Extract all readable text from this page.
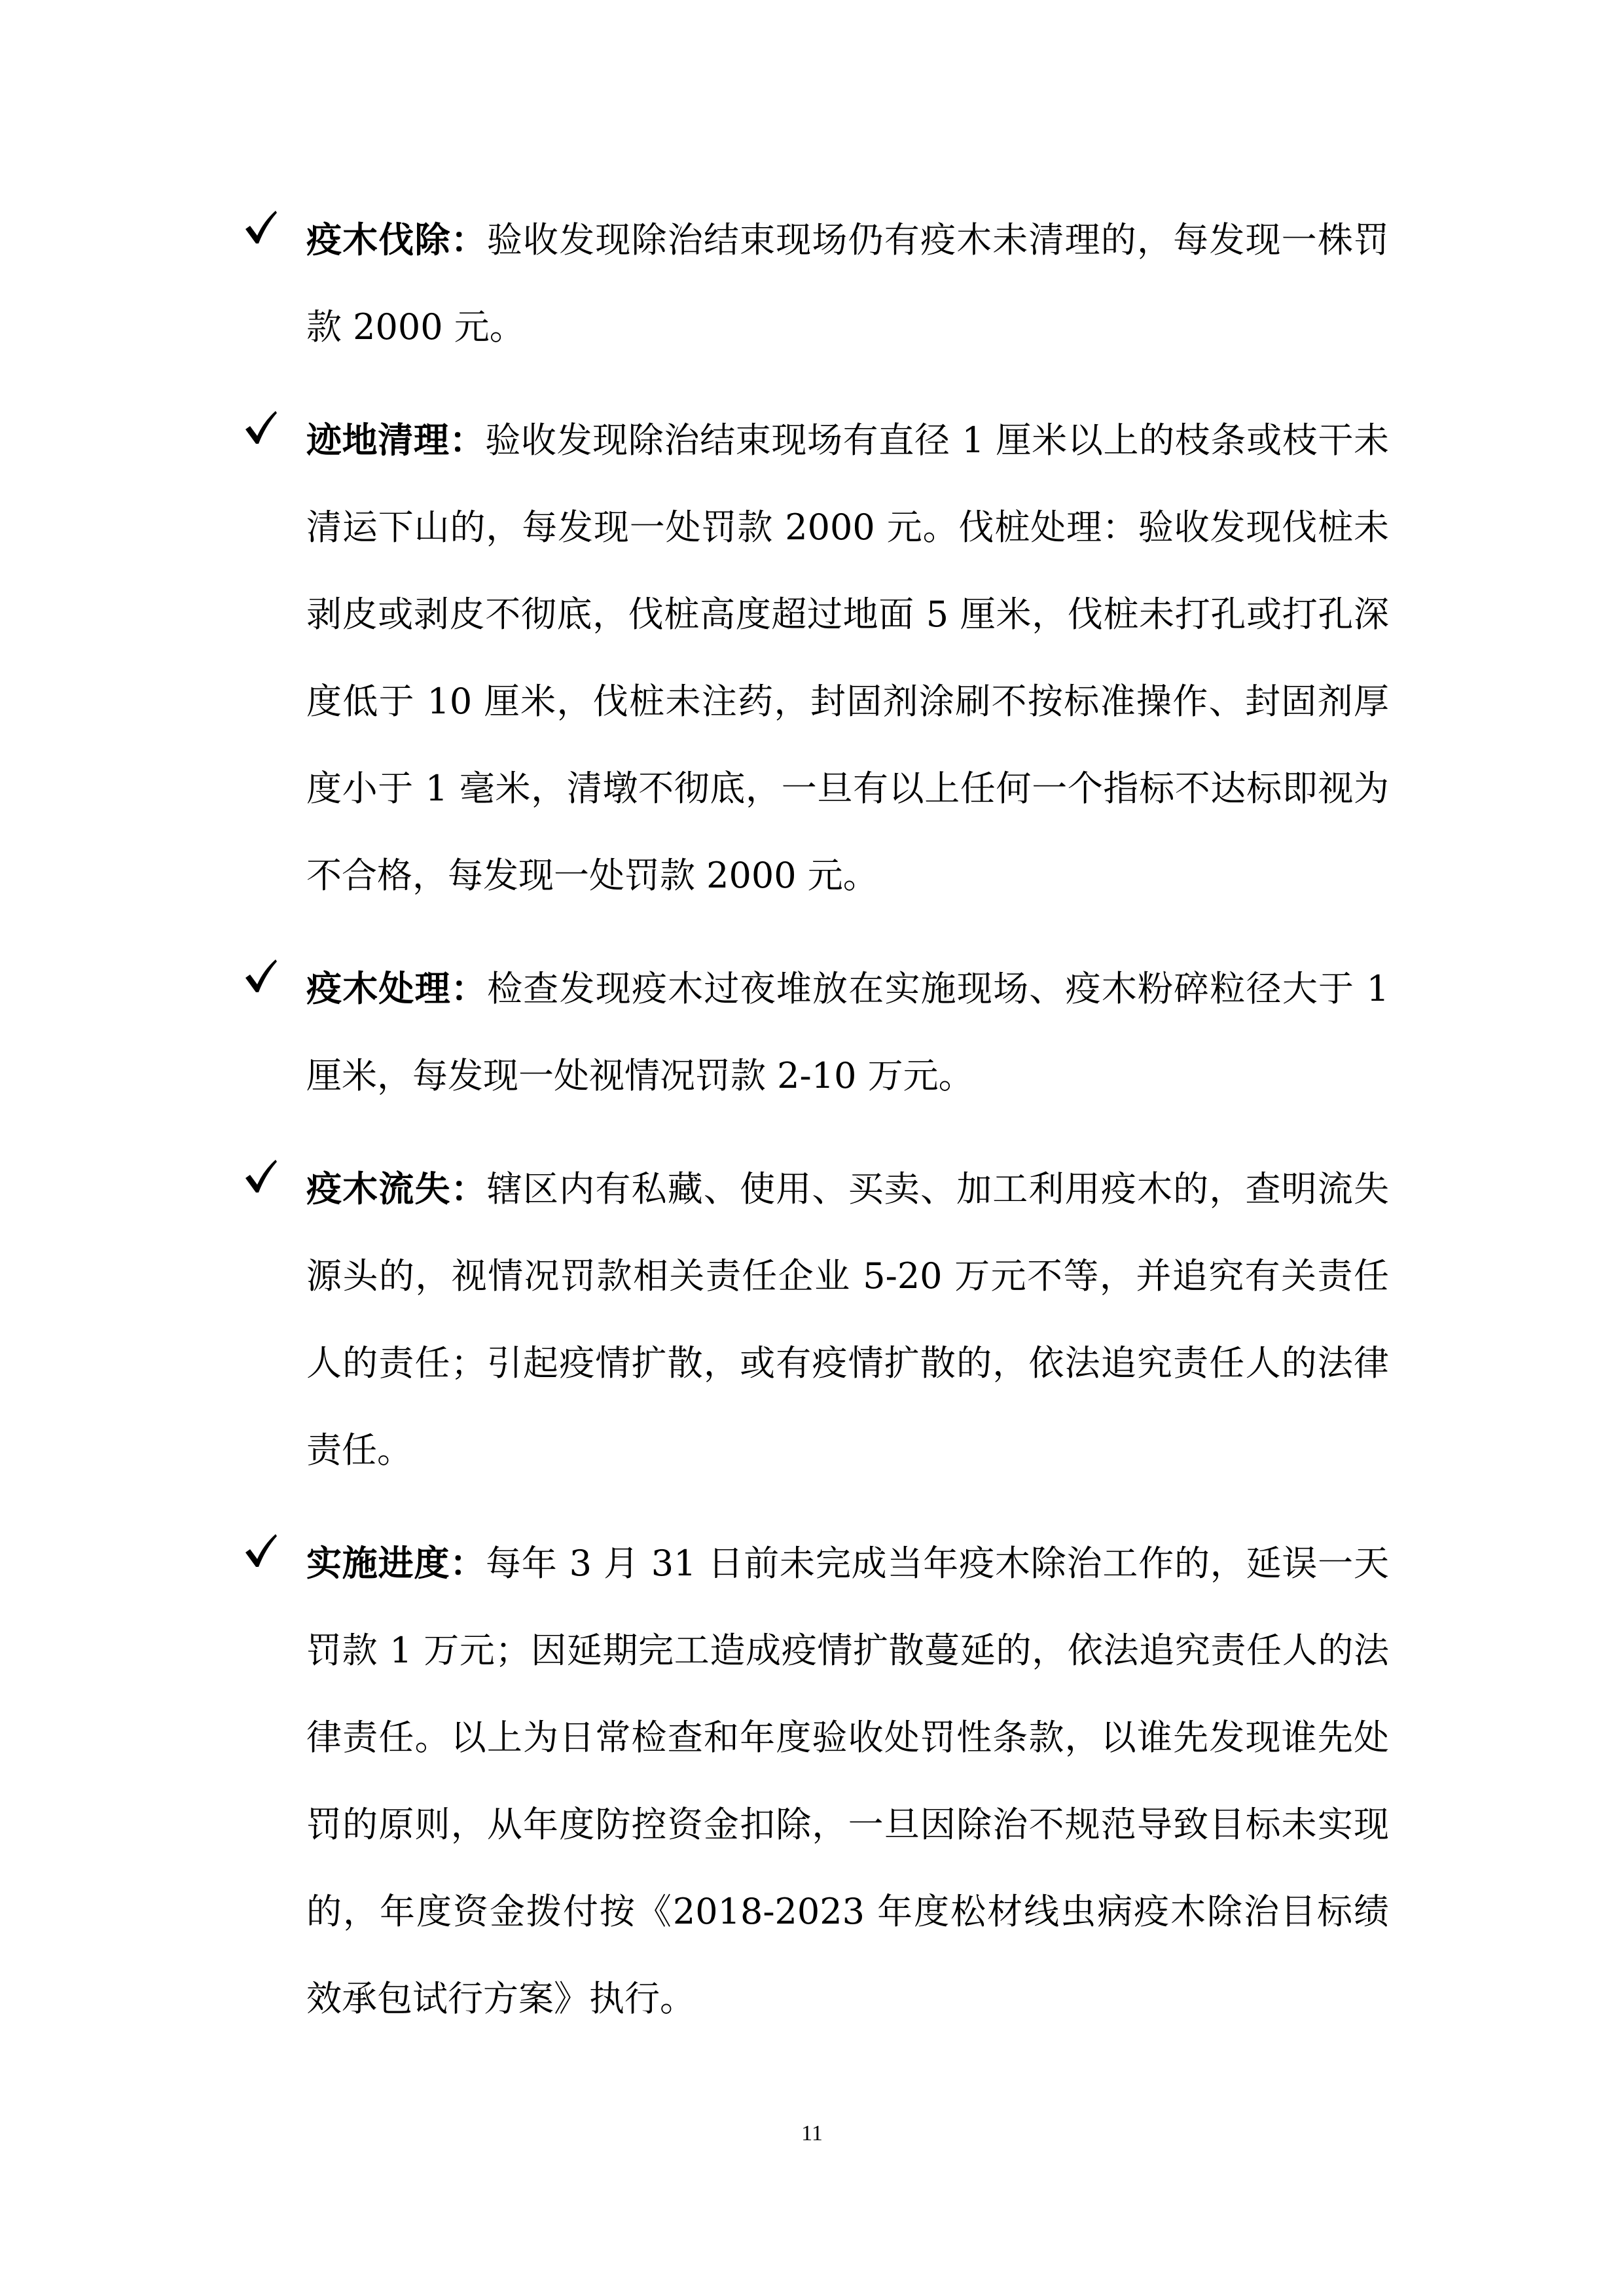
疫木伐除：验收发现除治结束现场仍有疫木未清理的，每发现一株罚款 2000 元。

迹地清理：验收发现除治结束现场有直径 1 厘米以上的枝条或枝干未清运下山的，每发现一处罚款 2000 元。伐桩处理：验收发现伐桩未剥皮或剥皮不彻底，伐桩高度超过地面 5 厘米，伐桩未打孔或打孔深度低于 10 厘米，伐桩未注药，封固剂涂刷不按标准操作、封固剂厚度小于 1 毫米，清墩不彻底，一旦有以上任何一个指标不达标即视为不合格，每发现一处罚款 2000 元。

疫木处理：检查发现疫木过夜堆放在实施现场、疫木粉碎粒径大于 1 厘米，每发现一处视情况罚款 2-10 万元。

疫木流失：辖区内有私藏、使用、买卖、加工利用疫木的，查明流失源头的，视情况罚款相关责任企业 5-20 万元不等，并追究有关责任人的责任；引起疫情扩散，或有疫情扩散的，依法追究责任人的法律责任。

实施进度：每年 3 月 31 日前未完成当年疫木除治工作的，延误一天罚款 1 万元；因延期完工造成疫情扩散蔓延的，依法追究责任人的法律责任。以上为日常检查和年度验收处罚性条款，以谁先发现谁先处罚的原则，从年度防控资金扣除，一旦因除治不规范导致目标未实现的，年度资金拨付按《2018-2023 年度松材线虫病疫木除治目标绩效承包试行方案》执行。

11
